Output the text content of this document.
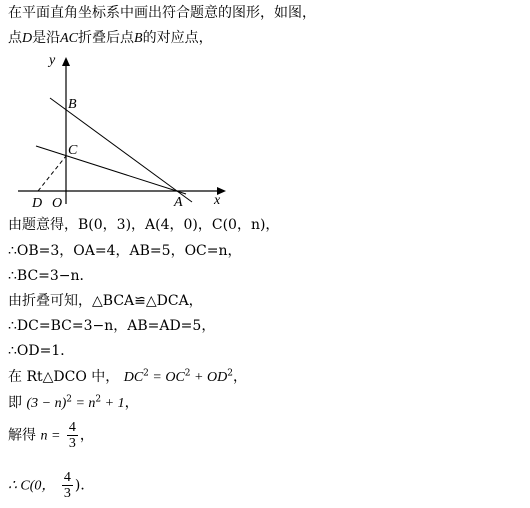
在平面直角坐标系中画出符合题意的图形，如图，
点D是沿AC折叠后点B的对应点，
y
x
B
C
A
D O
由题意得，B(0，3)，A(4，0)，C(0，n)，
∴OB=3，OA=4，AB=5，OC=n，
∴BC=3−n．
由折叠可知，△BCA≌△DCA，
∴DC=BC=3−n，AB=AD=5，
∴OD=1．
在 Rt△DCO 中， $DC^2 = OC^2 + OD^2$，
即 $(3 - n)^2 = n^2 + 1$，
解得 $n = \frac{4}{3}$ ，
∴ C(0， $\frac{4}{3}$ )．
